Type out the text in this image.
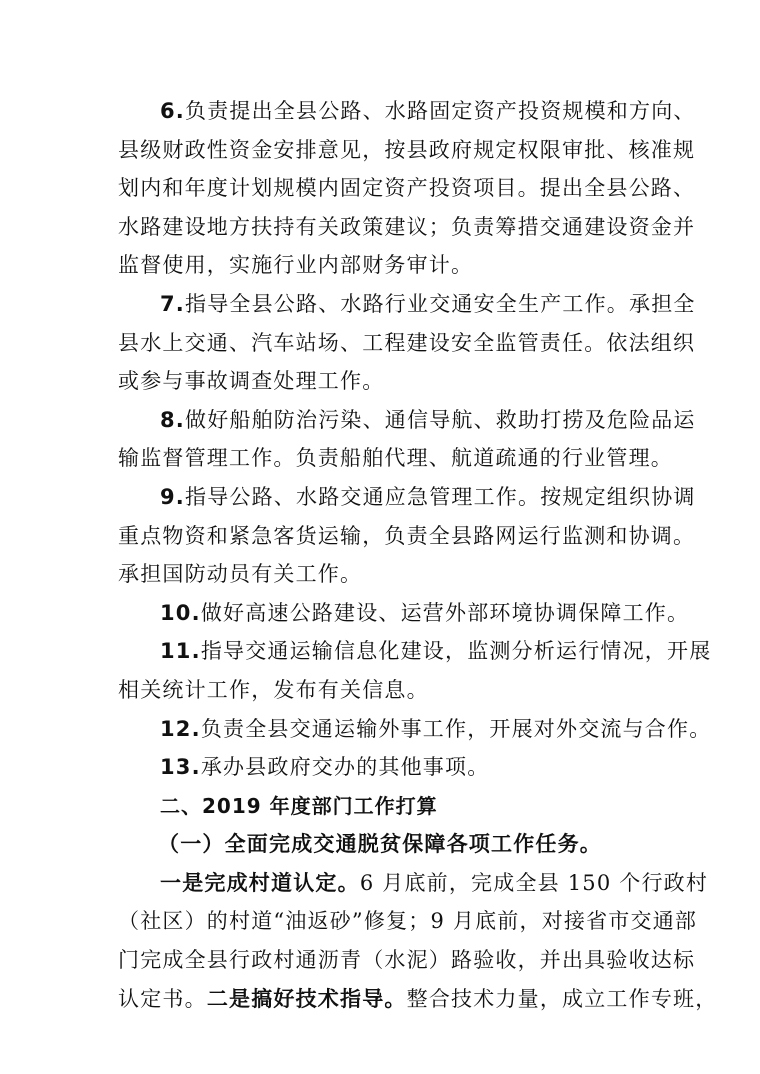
6.负责提出全县公路、水路固定资产投资规模和方向、
县级财政性资金安排意见，按县政府规定权限审批、核准规
划内和年度计划规模内固定资产投资项目。提出全县公路、
水路建设地方扶持有关政策建议；负责筹措交通建设资金并
监督使用，实施行业内部财务审计。
7.指导全县公路、水路行业交通安全生产工作。承担全
县水上交通、汽车站场、工程建设安全监管责任。依法组织
或参与事故调查处理工作。
8.做好船舶防治污染、通信导航、救助打捞及危险品运
输监督管理工作。负责船舶代理、航道疏通的行业管理。
9.指导公路、水路交通应急管理工作。按规定组织协调
重点物资和紧急客货运输，负责全县路网运行监测和协调。
承担国防动员有关工作。
10.做好高速公路建设、运营外部环境协调保障工作。
11.指导交通运输信息化建设，监测分析运行情况，开展
相关统计工作，发布有关信息。
12.负责全县交通运输外事工作，开展对外交流与合作。
13.承办县政府交办的其他事项。
二、2019 年度部门工作打算
（一）全面完成交通脱贫保障各项工作任务。
一是完成村道认定。6 月底前，完成全县 150 个行政村
（社区）的村道“油返砂”修复；9 月底前，对接省市交通部
门完成全县行政村通沥青（水泥）路验收，并出具验收达标
认定书。二是搞好技术指导。整合技术力量，成立工作专班，
